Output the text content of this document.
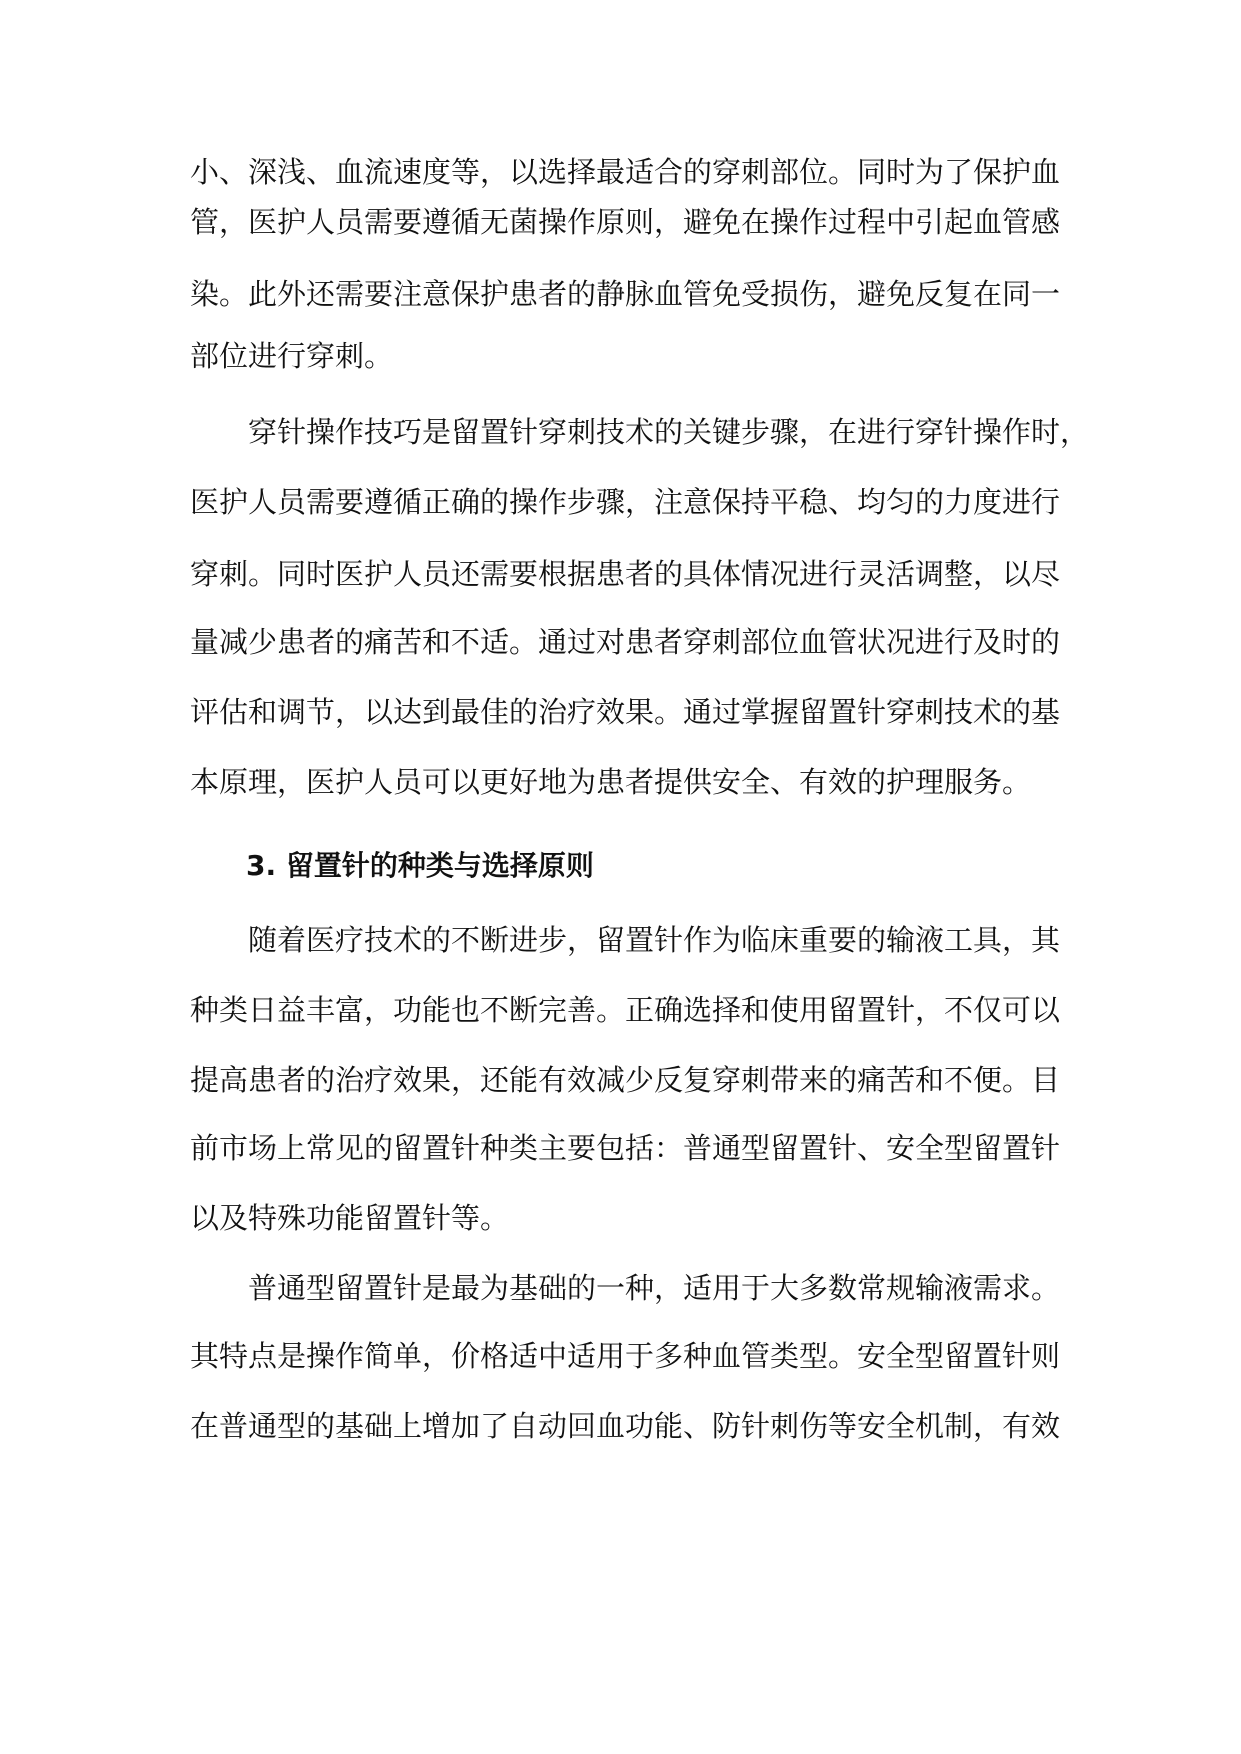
小、深浅、血流速度等，以选择最适合的穿刺部位。同时为了保护血

管，医护人员需要遵循无菌操作原则，避免在操作过程中引起血管感

染。此外还需要注意保护患者的静脉血管免受损伤，避免反复在同一

部位进行穿刺。

穿针操作技巧是留置针穿刺技术的关键步骤，在进行穿针操作时，

医护人员需要遵循正确的操作步骤，注意保持平稳、均匀的力度进行

穿刺。同时医护人员还需要根据患者的具体情况进行灵活调整，以尽

量减少患者的痛苦和不适。通过对患者穿刺部位血管状况进行及时的

评估和调节，以达到最佳的治疗效果。通过掌握留置针穿刺技术的基

本原理，医护人员可以更好地为患者提供安全、有效的护理服务。

3. 留置针的种类与选择原则

随着医疗技术的不断进步，留置针作为临床重要的输液工具，其

种类日益丰富，功能也不断完善。正确选择和使用留置针，不仅可以

提高患者的治疗效果，还能有效减少反复穿刺带来的痛苦和不便。目

前市场上常见的留置针种类主要包括：普通型留置针、安全型留置针

以及特殊功能留置针等。

普通型留置针是最为基础的一种，适用于大多数常规输液需求。

其特点是操作简单，价格适中适用于多种血管类型。安全型留置针则

在普通型的基础上增加了自动回血功能、防针刺伤等安全机制，有效
